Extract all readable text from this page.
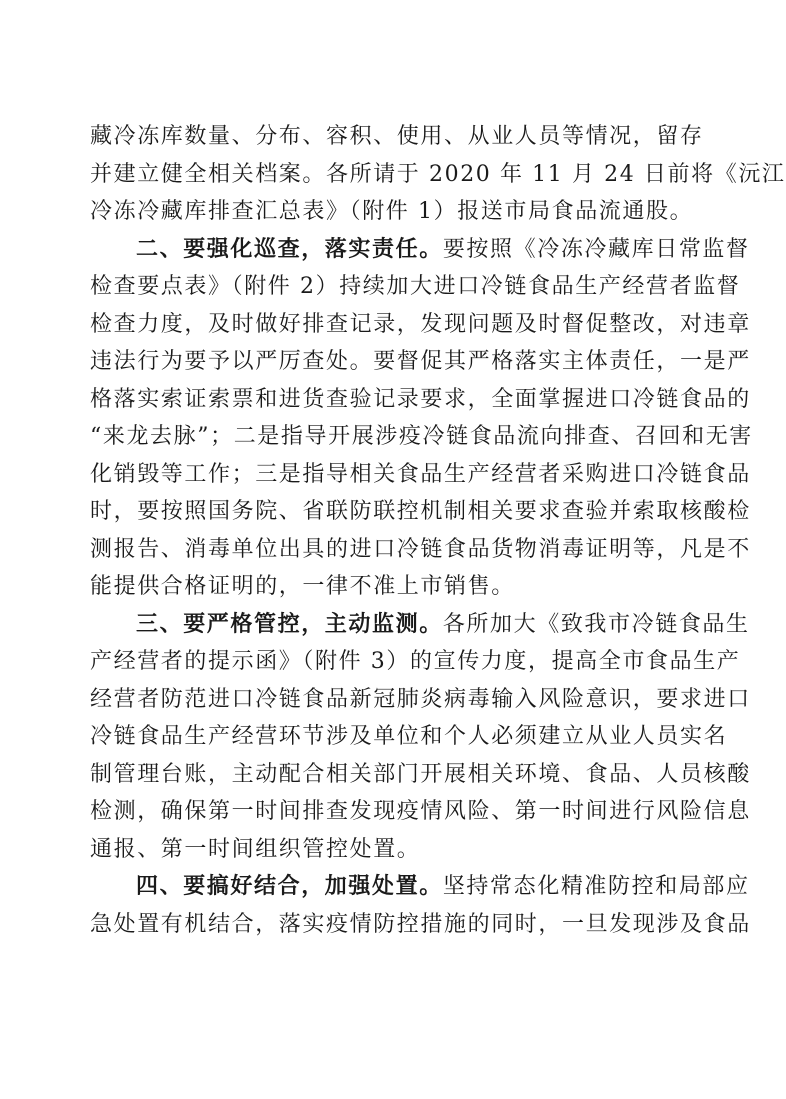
藏冷冻库数量、分布、容积、使用、从业人员等情况，留存
并建立健全相关档案。各所请于 2020 年 11 月 24 日前将《沅江
冷冻冷藏库排查汇总表》（附件 1）报送市局食品流通股。
二、要强化巡查，落实责任。要按照《冷冻冷藏库日常监督
检查要点表》（附件 2）持续加大进口冷链食品生产经营者监督
检查力度，及时做好排查记录，发现问题及时督促整改，对违章
违法行为要予以严厉查处。要督促其严格落实主体责任，一是严
格落实索证索票和进货查验记录要求，全面掌握进口冷链食品的
“来龙去脉”；二是指导开展涉疫冷链食品流向排查、召回和无害
化销毁等工作；三是指导相关食品生产经营者采购进口冷链食品
时，要按照国务院、省联防联控机制相关要求查验并索取核酸检
测报告、消毒单位出具的进口冷链食品货物消毒证明等，凡是不
能提供合格证明的，一律不准上市销售。
三、要严格管控，主动监测。各所加大《致我市冷链食品生
产经营者的提示函》（附件 3）的宣传力度，提高全市食品生产
经营者防范进口冷链食品新冠肺炎病毒输入风险意识，要求进口
冷链食品生产经营环节涉及单位和个人必须建立从业人员实名
制管理台账，主动配合相关部门开展相关环境、食品、人员核酸
检测，确保第一时间排查发现疫情风险、第一时间进行风险信息
通报、第一时间组织管控处置。
四、要搞好结合，加强处置。坚持常态化精准防控和局部应
急处置有机结合，落实疫情防控措施的同时，一旦发现涉及食品
